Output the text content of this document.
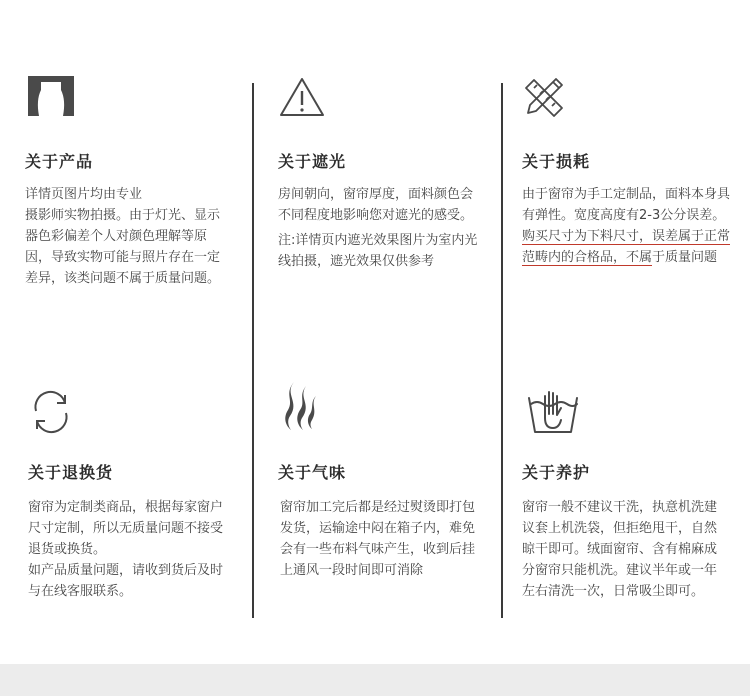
关于产品

详情页图片均由专业

摄影师实物拍摄。由于灯光、显示器色彩偏差个人对颜色理解等原因，导致实物可能与照片存在一定差异，该类问题不属于质量问题。

关于遮光

房间朝向，窗帘厚度，面料颜色会不同程度地影响您对遮光的感受。

注:详情页内遮光效果图片为室内光线拍摄，遮光效果仅供参考

关于损耗

由于窗帘为手工定制品，面料本身具有弹性。宽度高度有2-3公分误差。购买尺寸为下料尺寸，误差属于正常范畴内的合格品，不属于质量问题

关于退换货

窗帘为定制类商品，根据每家窗户尺寸定制，所以无质量问题不接受退货或换货。

如产品质量问题，请收到货后及时与在线客服联系。

关于气味

窗帘加工完后都是经过熨烫即打包发货，运输途中闷在箱子内，难免会有一些布料气味产生，收到后挂上通风一段时间即可消除

关于养护

窗帘一般不建议干洗，执意机洗建议套上机洗袋，但拒绝甩干，自然晾干即可。绒面窗帘、含有棉麻成分窗帘只能机洗。建议半年或一年左右清洗一次，日常吸尘即可。
